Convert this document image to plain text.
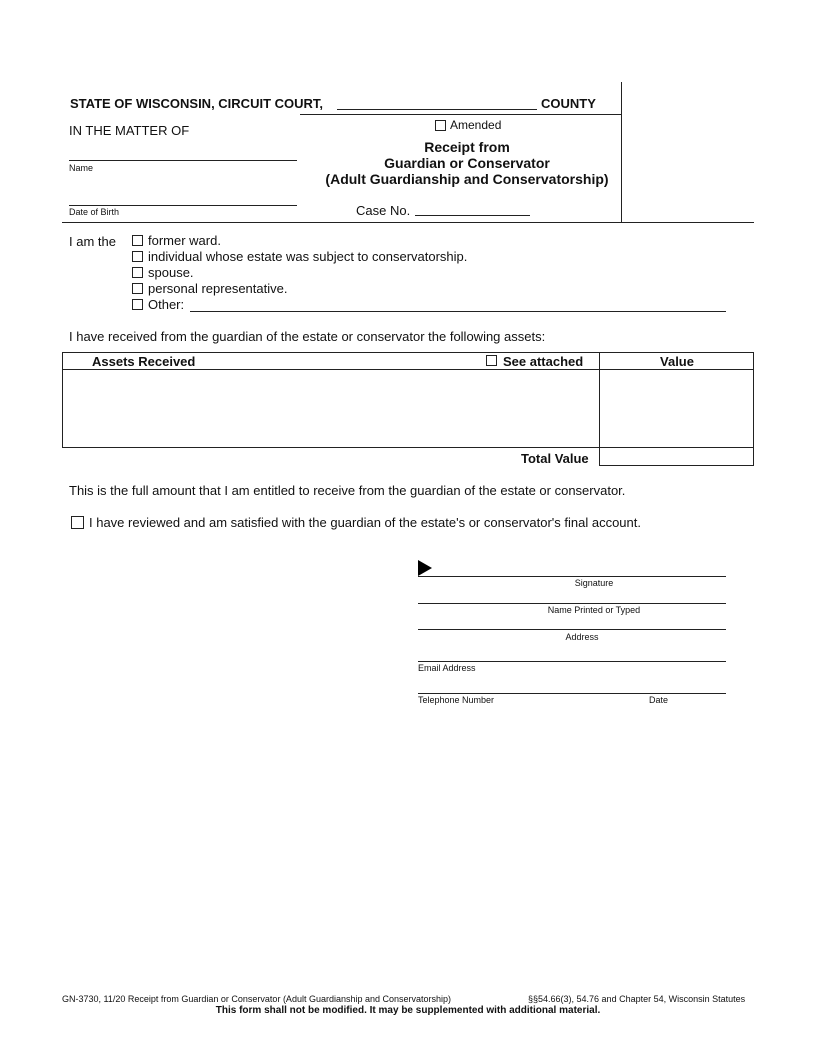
STATE OF WISCONSIN, CIRCUIT COURT,	COUNTY
IN THE MATTER OF
Name
Date of Birth
Amended
Receipt from
Guardian or Conservator
(Adult Guardianship and Conservatorship)
Case No.
I am the former ward.
individual whose estate was subject to conservatorship.
spouse.
personal representative.
Other:
I have received from the guardian of the estate or conservator the following assets:
Assets Received	See attached	Value
Total Value
This is the full amount that I am entitled to receive from the guardian of the estate or conservator.
I have reviewed and am satisfied with the guardian of the estate's or conservator's final account.
Signature
Name Printed or Typed
Address
Email Address
Telephone Number	Date
GN-3730, 11/20 Receipt from Guardian or Conservator (Adult Guardianship and Conservatorship)	§§54.66(3), 54.76 and Chapter 54, Wisconsin Statutes
This form shall not be modified. It may be supplemented with additional material.
